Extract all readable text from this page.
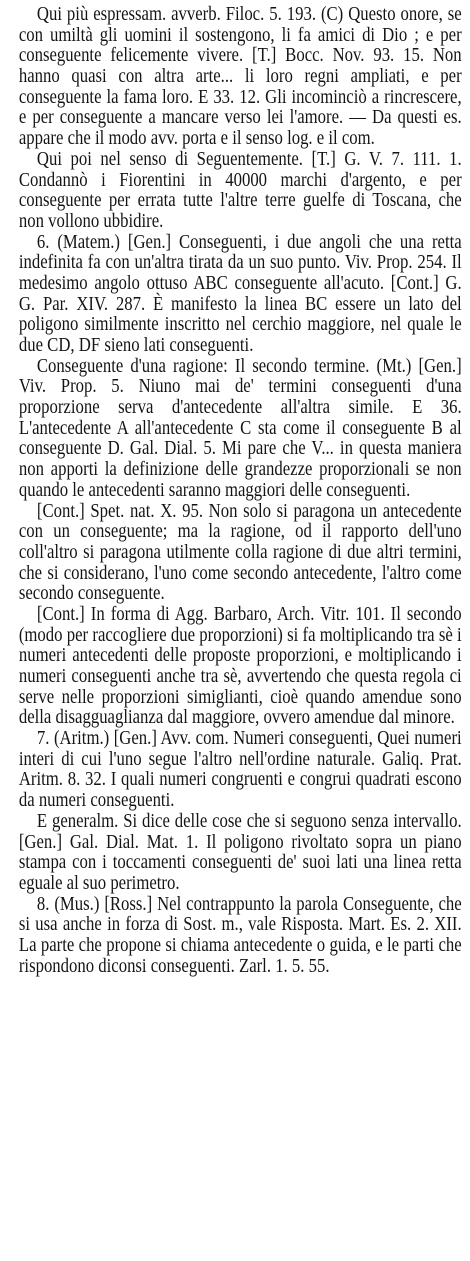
Qui più espressam. avverb. Filoc. 5. 193. (C) Questo onore, se con umiltà gli uomini il sostengono, li fa amici di Dio ; e per conseguente felicemente vivere. [T.] Bocc. Nov. 93. 15. Non hanno quasi con altra arte... li loro regni ampliati, e per conseguente la fama loro. E 33. 12. Gli incominciò a rincrescere, e per conseguente a mancare verso lei l'amore. — Da questi es. appare che il modo avv. porta e il senso log. e il com.

Qui poi nel senso di Seguentemente. [T.] G. V. 7. 111. 1. Condannò i Fiorentini in 40000 marchi d'argento, e per conseguente per errata tutte l'altre terre guelfe di Toscana, che non vollono ubbidire.

6. (Matem.) [Gen.] Conseguenti, i due angoli che una retta indefinita fa con un'altra tirata da un suo punto. Viv. Prop. 254. Il medesimo angolo ottuso ABC conseguente all'acuto. [Cont.] G. G. Par. XIV. 287. È manifesto la linea BC essere un lato del poligono similmente inscritto nel cerchio maggiore, nel quale le due CD, DF sieno lati conseguenti.

Conseguente d'una ragione: Il secondo termine. (Mt.) [Gen.] Viv. Prop. 5. Niuno mai de' termini conseguenti d'una proporzione serva d'antecedente all'altra simile. E 36. L'antecedente A all'antecedente C sta come il conseguente B al conseguente D. Gal. Dial. 5. Mi pare che V... in questa maniera non apporti la definizione delle grandezze proporzionali se non quando le antecedenti saranno maggiori delle conseguenti.

[Cont.] Spet. nat. X. 95. Non solo si paragona un antecedente con un conseguente; ma la ragione, od il rapporto dell'uno coll'altro si paragona utilmente colla ragione di due altri termini, che si considerano, l'uno come secondo antecedente, l'altro come secondo conseguente.

[Cont.] In forma di Agg. Barbaro, Arch. Vitr. 101. Il secondo (modo per raccogliere due proporzioni) si fa moltiplicando tra sè i numeri antecedenti delle proposte proporzioni, e moltiplicando i numeri conseguenti anche tra sè, avvertendo che questa regola ci serve nelle proporzioni simiglianti, cioè quando amendue sono della disagguaglianza dal maggiore, ovvero amendue dal minore.

7. (Aritm.) [Gen.] Avv. com. Numeri conseguenti, Quei numeri interi di cui l'uno segue l'altro nell'ordine naturale. Galiq. Prat. Aritm. 8. 32. I quali numeri congruenti e congrui quadrati escono da numeri conseguenti.

E generalm. Si dice delle cose che si seguono senza intervallo. [Gen.] Gal. Dial. Mat. 1. Il poligono rivoltato sopra un piano stampa con i toccamenti conseguenti de' suoi lati una linea retta eguale al suo perimetro.

8. (Mus.) [Ross.] Nel contrappunto la parola Conseguente, che si usa anche in forza di Sost. m., vale Risposta. Mart. Es. 2. XII. La parte che propone si chiama antecedente o guida, e le parti che rispondono diconsi conseguenti. Zarl. 1. 5. 55.
